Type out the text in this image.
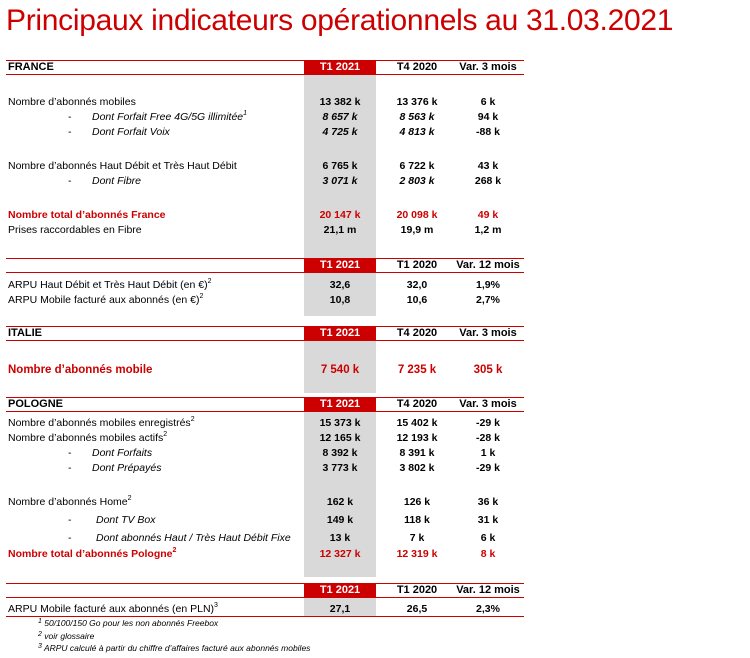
Principaux indicateurs opérationnels au 31.03.2021
FRANCE	T1 2021	T4 2020	Var. 3 mois
Nombre d’abonnés mobiles	13 382 k	13 376 k	6 k
- Dont Forfait Free 4G/5G illimitée$^1$	8 657 k	8 563 k	94 k
- Dont Forfait Voix	4 725 k	4 813 k	-88 k
Nombre d’abonnés Haut Débit et Très Haut Débit	6 765 k	6 722 k	43 k
- Dont Fibre	3 071 k	2 803 k	268 k
Nombre total d’abonnés France	20 147 k	20 098 k	49 k
Prises raccordables en Fibre	21,1 m	19,9 m	1,2 m
T1 2021	T1 2020	Var. 12 mois
ARPU Haut Débit et Très Haut Débit (en €)$^2$	32,6	32,0	1,9%
ARPU Mobile facturé aux abonnés (en €)$^2$	10,8	10,6	2,7%
ITALIE	T1 2021	T4 2020	Var. 3 mois
Nombre d’abonnés mobile	7 540 k	7 235 k	305 k
POLOGNE	T1 2021	T4 2020	Var. 3 mois
Nombre d’abonnés mobiles enregistrés$^2$	15 373 k	15 402 k	-29 k
Nombre d’abonnés mobiles actifs$^2$	12 165 k	12 193 k	-28 k
- Dont Forfaits	8 392 k	8 391 k	1 k
- Dont Prépayés	3 773 k	3 802 k	-29 k
Nombre d’abonnés Home$^2$	162 k	126 k	36 k
- Dont TV Box	149 k	118 k	31 k
- Dont abonnés Haut / Très Haut Débit Fixe	13 k	7 k	6 k
Nombre total d’abonnés Pologne$^2$	12 327 k	12 319 k	8 k
T1 2021	T1 2020	Var. 12 mois
ARPU Mobile facturé aux abonnés (en PLN)$^3$	27,1	26,5	2,3%
$^1$ 50/100/150 Go pour les non abonnés Freebox
$^2$ voir glossaire
$^3$ ARPU calculé à partir du chiffre d’affaires facturé aux abonnés mobiles
